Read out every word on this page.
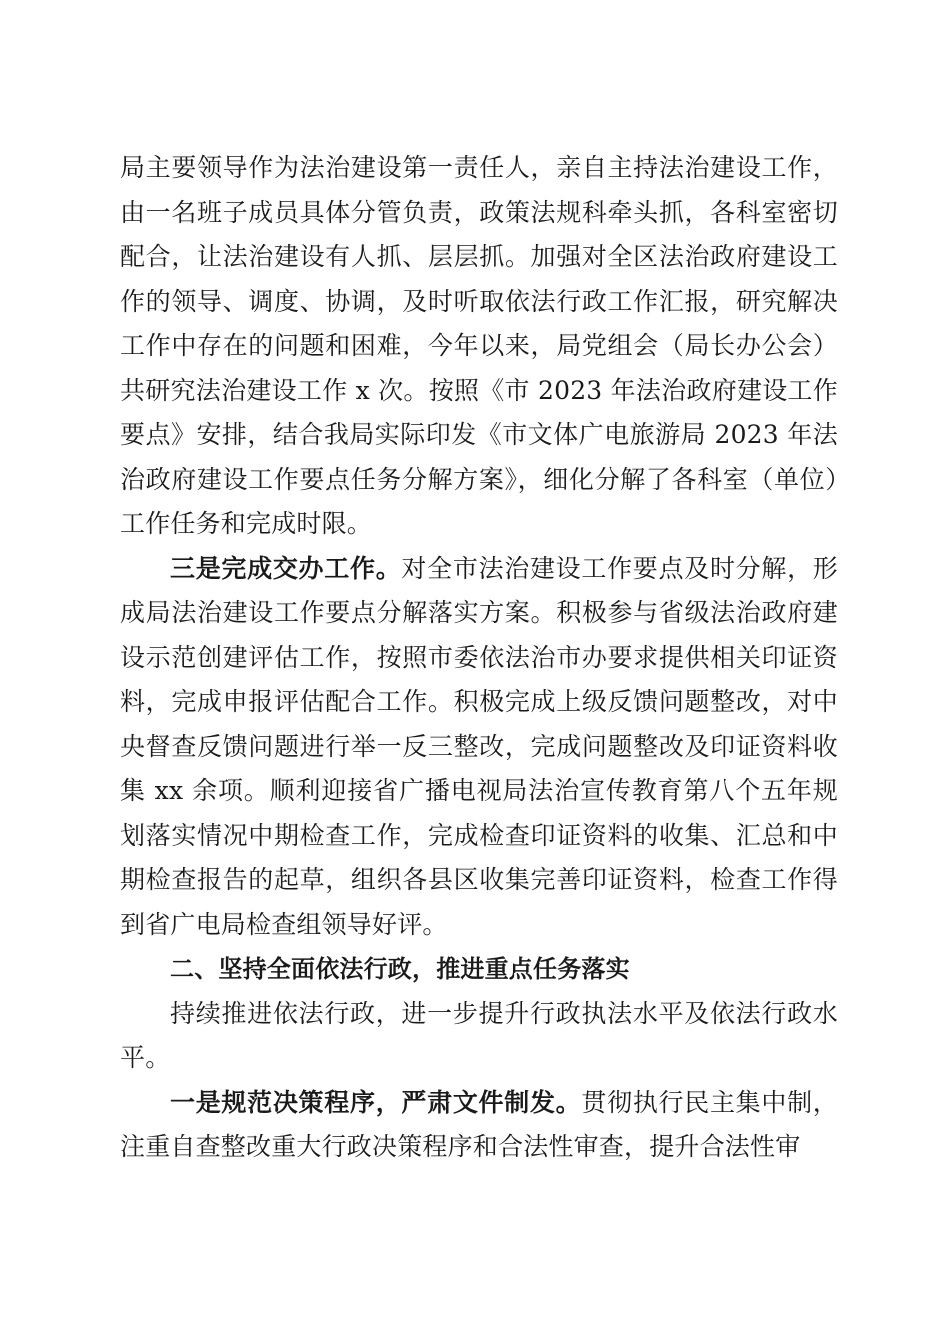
局主要领导作为法治建设第一责任人，亲自主持法治建设工作，由一名班子成员具体分管负责，政策法规科牵头抓，各科室密切配合，让法治建设有人抓、层层抓。加强对全区法治政府建设工作的领导、调度、协调，及时听取依法行政工作汇报，研究解决工作中存在的问题和困难，今年以来，局党组会（局长办公会）共研究法治建设工作 x 次。按照《市 2023 年法治政府建设工作要点》安排，结合我局实际印发《市文体广电旅游局 2023 年法治政府建设工作要点任务分解方案》，细化分解了各科室（单位）工作任务和完成时限。

三是完成交办工作。对全市法治建设工作要点及时分解，形成局法治建设工作要点分解落实方案。积极参与省级法治政府建设示范创建评估工作，按照市委依法治市办要求提供相关印证资料，完成申报评估配合工作。积极完成上级反馈问题整改，对中央督查反馈问题进行举一反三整改，完成问题整改及印证资料收集 xx 余项。顺利迎接省广播电视局法治宣传教育第八个五年规划落实情况中期检查工作，完成检查印证资料的收集、汇总和中期检查报告的起草，组织各县区收集完善印证资料，检查工作得到省广电局检查组领导好评。

二、坚持全面依法行政，推进重点任务落实

持续推进依法行政，进一步提升行政执法水平及依法行政水平。

一是规范决策程序，严肃文件制发。贯彻执行民主集中制，注重自查整改重大行政决策程序和合法性审查，提升合法性审
